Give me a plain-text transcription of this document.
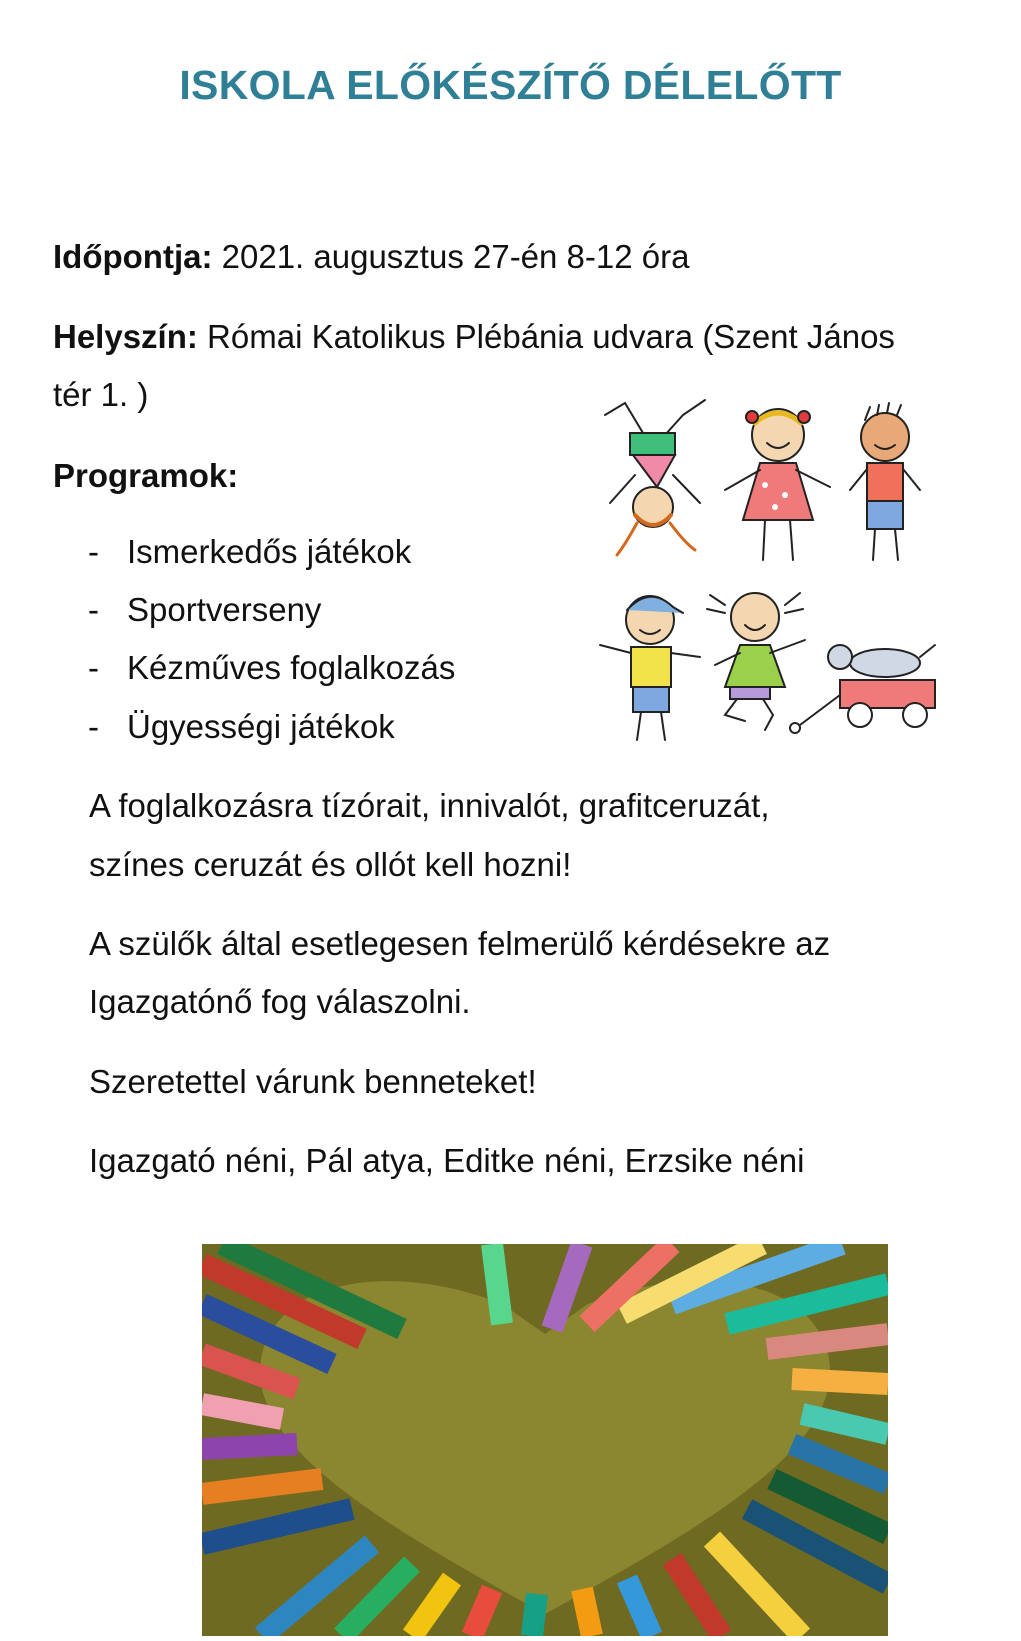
ISKOLA ELŐKÉSZÍTŐ DÉLELŐTT
Időpontja: 2021. augusztus 27-én 8-12 óra
Helyszín: Római Katolikus Plébánia udvara (Szent János
tér 1. )
Programok:
- Ismerkedős játékok
- Sportverseny
- Kézműves foglalkozás
- Ügyességi játékok
A foglalkozásra tízórait, innivalót, grafitceruzát,
színes ceruzát és ollót kell hozni!
A szülők által esetlegesen felmerülő kérdésekre az
Igazgatónő fog válaszolni.
Szeretettel várunk benneteket!
Igazgató néni, Pál atya, Editke néni, Erzsike néni
